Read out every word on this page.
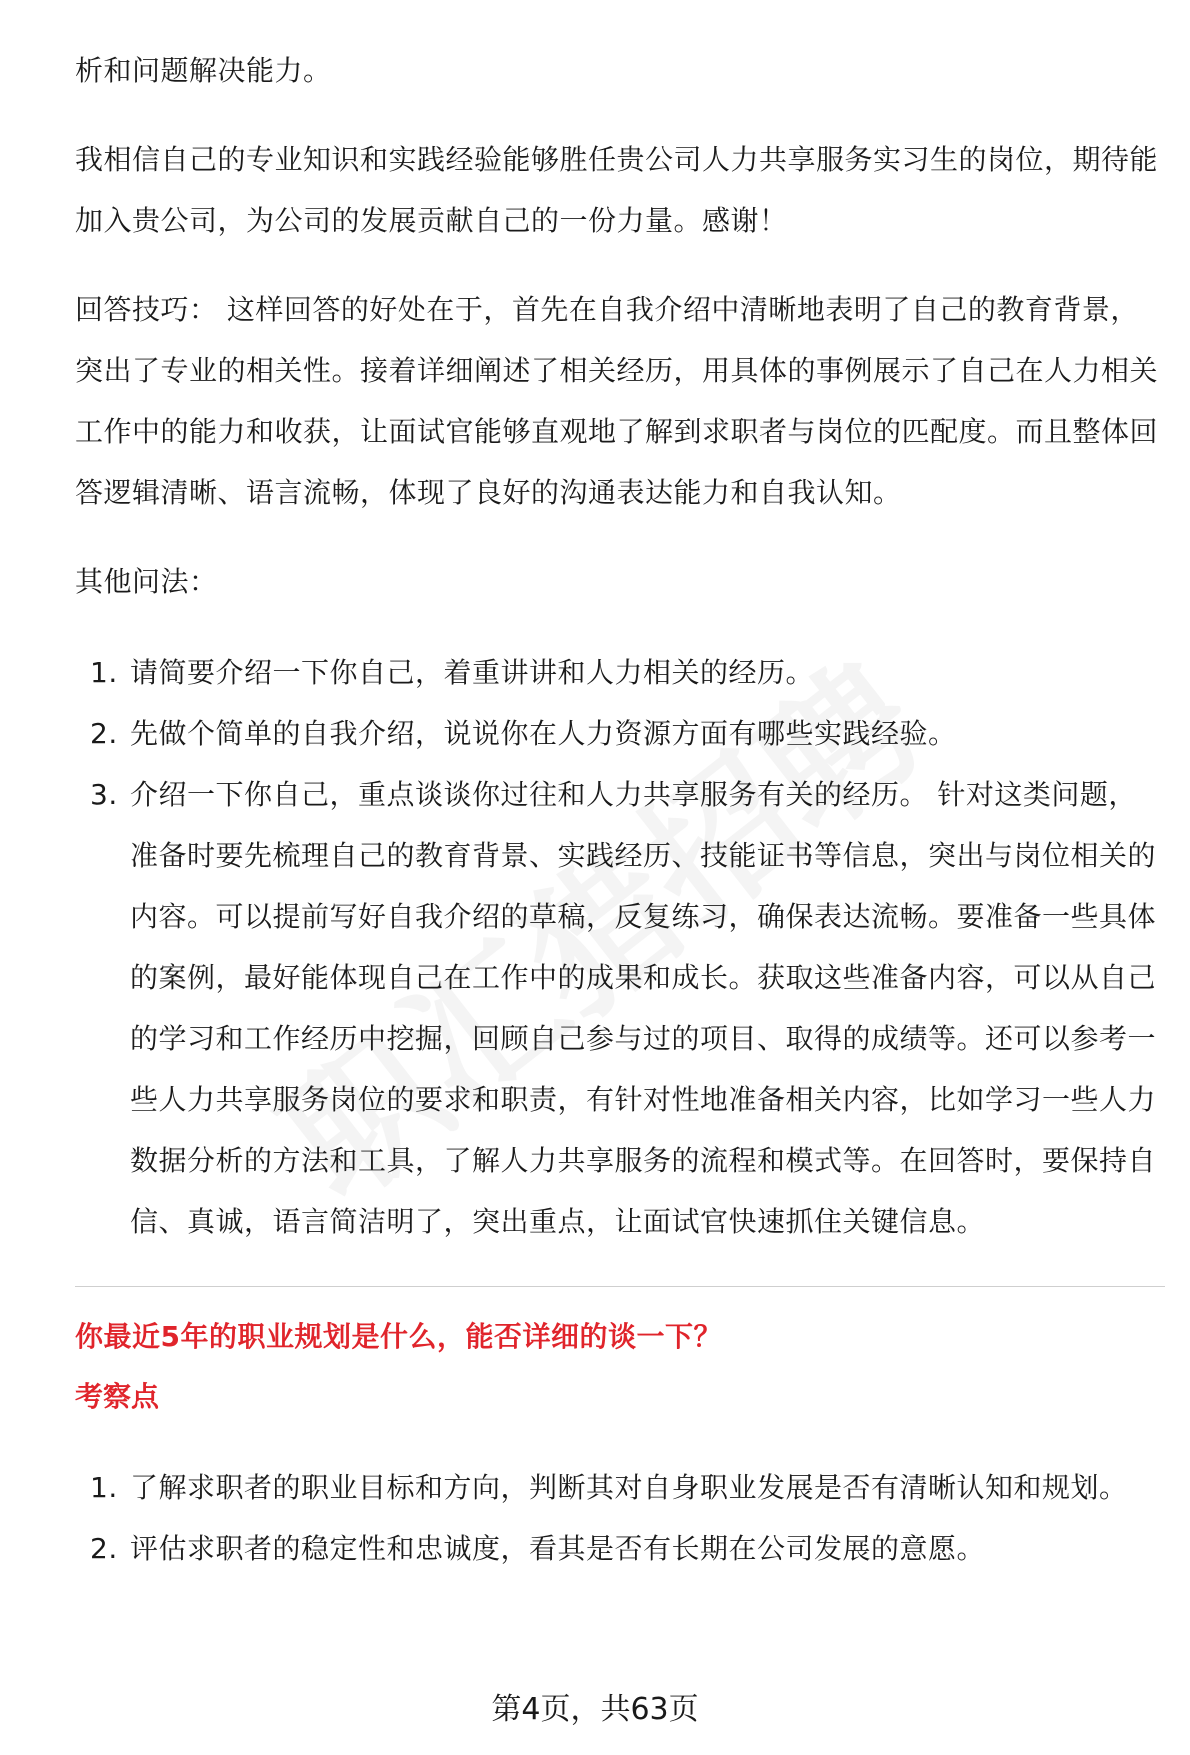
析和问题解决能力。

我相信自己的专业知识和实践经验能够胜任贵公司人力共享服务实习生的岗位，期待能加入贵公司，为公司的发展贡献自己的一份力量。感谢！

回答技巧： 这样回答的好处在于，首先在自我介绍中清晰地表明了自己的教育背景，突出了专业的相关性。接着详细阐述了相关经历，用具体的事例展示了自己在人力相关工作中的能力和收获，让面试官能够直观地了解到求职者与岗位的匹配度。而且整体回答逻辑清晰、语言流畅，体现了良好的沟通表达能力和自我认知。

其他问法：

1. 请简要介绍一下你自己，着重讲讲和人力相关的经历。
2. 先做个简单的自我介绍，说说你在人力资源方面有哪些实践经验。
3. 介绍一下你自己，重点谈谈你过往和人力共享服务有关的经历。 针对这类问题，准备时要先梳理自己的教育背景、实践经历、技能证书等信息，突出与岗位相关的内容。可以提前写好自我介绍的草稿，反复练习，确保表达流畅。要准备一些具体的案例，最好能体现自己在工作中的成果和成长。获取这些准备内容，可以从自己的学习和工作经历中挖掘，回顾自己参与过的项目、取得的成绩等。还可以参考一些人力共享服务岗位的要求和职责，有针对性地准备相关内容，比如学习一些人力数据分析的方法和工具，了解人力共享服务的流程和模式等。在回答时，要保持自信、真诚，语言简洁明了，突出重点，让面试官快速抓住关键信息。

你最近5年的职业规划是什么，能否详细的谈一下？

考察点

1. 了解求职者的职业目标和方向，判断其对自身职业发展是否有清晰认知和规划。
2. 评估求职者的稳定性和忠诚度，看其是否有长期在公司发展的意愿。
第4页，共63页
